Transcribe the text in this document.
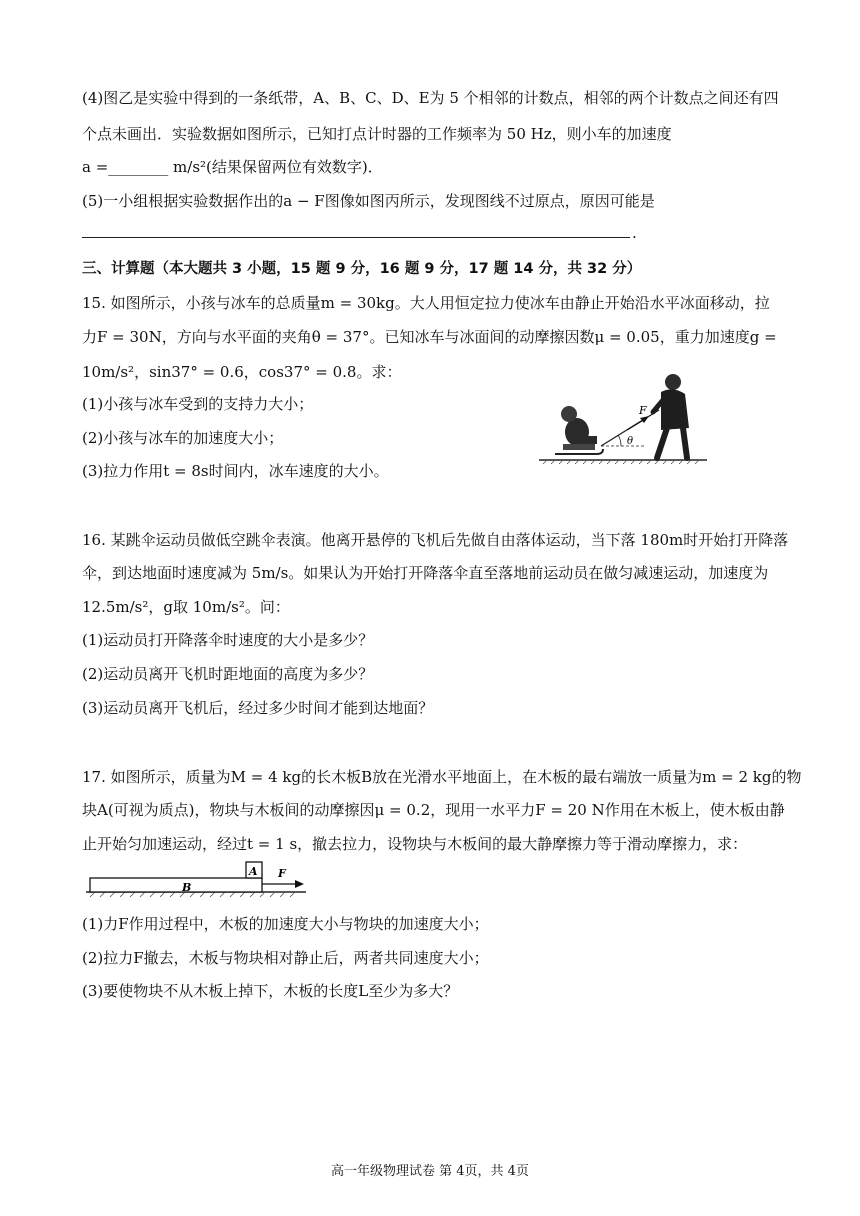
(4)图乙是实验中得到的一条纸带，A、B、C、D、E为 5 个相邻的计数点，相邻的两个计数点之间还有四
个点未画出．实验数据如图所示，已知打点计时器的工作频率为 50 Hz，则小车的加速度
a =________ m/s²(结果保留两位有效数字)．
(5)一小组根据实验数据作出的a − F图像如图丙所示，发现图线不过原点，原因可能是
.
三、计算题（本大题共 3 小题，15 题 9 分，16 题 9 分，17 题 14 分，共 32 分）
15. 如图所示，小孩与冰车的总质量m = 30kg。大人用恒定拉力使冰车由静止开始沿水平冰面移动，拉
力F = 30N，方向与水平面的夹角θ = 37°。已知冰车与冰面间的动摩擦因数μ = 0.05，重力加速度g =
10m/s²，sin37° = 0.6，cos37° = 0.8。求：
(1)小孩与冰车受到的支持力大小；
(2)小孩与冰车的加速度大小；
(3)拉力作用t = 8s时间内，冰车速度的大小。
F
θ
16. 某跳伞运动员做低空跳伞表演。他离开悬停的飞机后先做自由落体运动，当下落 180m时开始打开降落
伞，到达地面时速度减为 5m/s。如果认为开始打开降落伞直至落地前运动员在做匀减速运动，加速度为
12.5m/s²，g取 10m/s²。问：
(1)运动员打开降落伞时速度的大小是多少？
(2)运动员离开飞机时距地面的高度为多少？
(3)运动员离开飞机后，经过多少时间才能到达地面？
17. 如图所示，质量为M = 4 kg的长木板B放在光滑水平地面上，在木板的最右端放一质量为m = 2 kg的物
块A(可视为质点)，物块与木板间的动摩擦因μ = 0.2，现用一水平力F = 20 N作用在木板上，使木板由静
止开始匀加速运动，经过t = 1 s，撤去拉力，设物块与木板间的最大静摩擦力等于滑动摩擦力，求：
A
B
F
(1)力F作用过程中，木板的加速度大小与物块的加速度大小；
(2)拉力F撤去，木板与物块相对静止后，两者共同速度大小；
(3)要使物块不从木板上掉下，木板的长度L至少为多大？
高一年级物理试卷 第 4页，共 4页
